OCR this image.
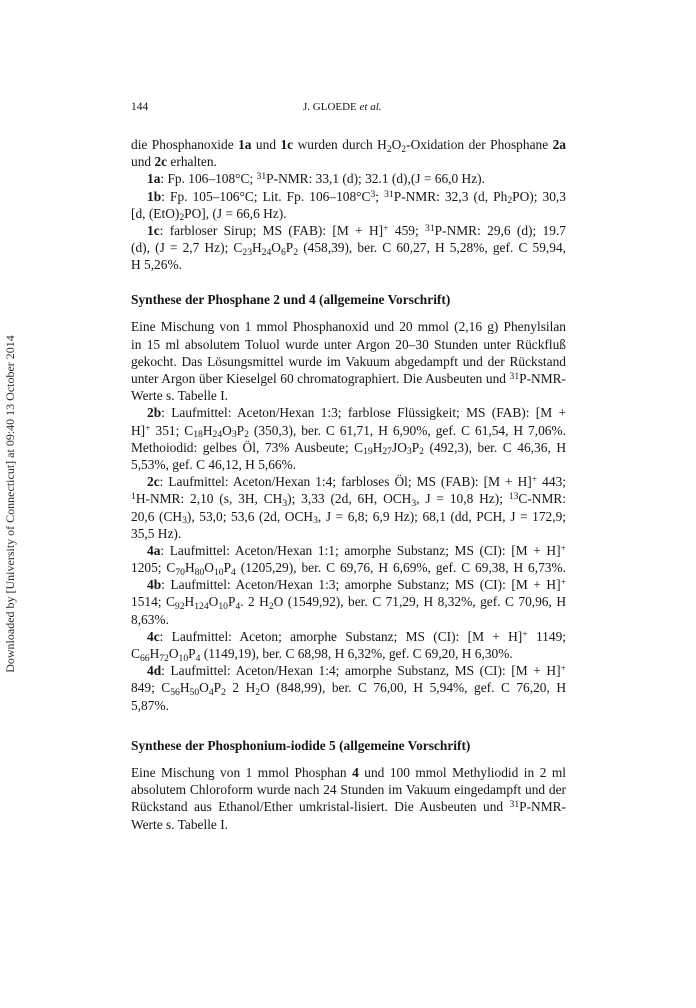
144	J. GLOEDE et al.
die Phosphanoxide 1a und 1c wurden durch $H_2O_2$-Oxidation der Phosphane 2a
und 2c erhalten.
1a: Fp. 106–108°C; $^{31}$P-NMR: 33,1 (d); 32.1 (d),(J = 66,0 Hz).
1b: Fp. 105–106°C; Lit. Fp. $106-108^\circ C^3$; $^{31}$P-NMR: 32,3 (d, $Ph_2PO$); 30,3
[d, $(EtO)_2PO$], (J = 66,6 Hz).
1c: farbloser Sirup; MS (FAB): [M + H]+ 459; $^{31}$P-NMR: 29,6 (d); 19.7
(d), (J = 2,7 Hz); $C_{23}H_{24}O_6P_2$ (458,39), ber. C 60,27, H 5,28%, gef. C 59,94,
H 5,26%.
Synthese der Phosphane 2 und 4 (allgemeine Vorschrift)
Eine Mischung von 1 mmol Phosphanoxid und 20 mmol (2,16 g) Phenylsilan
in 15 ml absolutem Toluol wurde unter Argon 20–30 Stunden unter Rückfluß
gekocht. Das Lösungsmittel wurde im Vakuum abgedampft und der Rückstand
unter Argon über Kieselgel 60 chromatographiert. Die Ausbeuten und $^{31}$P-NMR-
Werte s. Tabelle I.
2b: Laufmittel: Aceton/Hexan 1:3; farblose Flüssigkeit; MS (FAB): [M +
H]+ 351; $C_{18}H_{24}O_3P_2$ (350,3), ber. C 61,71, H 6,90%, gef. C 61,54, H 7,06%.
Methoiodid: gelbes Öl, 73% Ausbeute; $C_{19}H_{27}JO_3P_2$ (492,3), ber. C 46,36, H
5,53%, gef. C 46,12, H 5,66%.
2c: Laufmittel: Aceton/Hexan 1:4; farbloses Öl; MS (FAB): [M + H]+ 443;
$^1$H-NMR: 2,10 (s, 3H, $CH_3$); 3,33 (2d, 6H, $OCH_3$, J = 10,8 Hz); $^{13}$C-NMR:
20,6 $(CH_3)$, 53,0; 53,6 (2d, $OCH_3$, J = 6,8; 6,9 Hz); 68,1 (dd, PCH, J = 172,9;
35,5 Hz).
4a: Laufmittel: Aceton/Hexan 1:1; amorphe Substanz; MS (CI): [M + H]+
1205; $C_{70}H_{80}O_{10}P_4$ (1205,29), ber. C 69,76, H 6,69%, gef. C 69,38, H 6,73%.
4b: Laufmittel: Aceton/Hexan 1:3; amorphe Substanz; MS (CI): [M + H]+
1514; $C_{92}H_{124}O_{10}P_4$. 2 $H_2O$ (1549,92), ber. C 71,29, H 8,32%, gef. C 70,96, H
8,63%.
4c: Laufmittel: Aceton; amorphe Substanz; MS (CI): [M + H]+ 1149;
$C_{66}H_{72}O_{10}P_4$ (1149,19), ber. C 68,98, H 6,32%, gef. C 69,20, H 6,30%.
4d: Laufmittel: Aceton/Hexan 1:4; amorphe Substanz, MS (CI): [M + H]+
849; $C_{56}H_{50}O_4P_2$ 2 $H_2O$ (848,99), ber. C 76,00, H 5,94%, gef. C 76,20, H
5,87%.
Synthese der Phosphonium-iodide 5 (allgemeine Vorschrift)
Eine Mischung von 1 mmol Phosphan 4 und 100 mmol Methyliodid in 2 ml
absolutem Chloroform wurde nach 24 Stunden im Vakuum eingedampft und der
Rückstand aus Ethanol/Ether umkristal-lisiert. Die Ausbeuten und $^{31}$P-NMR-
Werte s. Tabelle I.
Downloaded by [University of Connecticut] at 09:40 13 October 2014
